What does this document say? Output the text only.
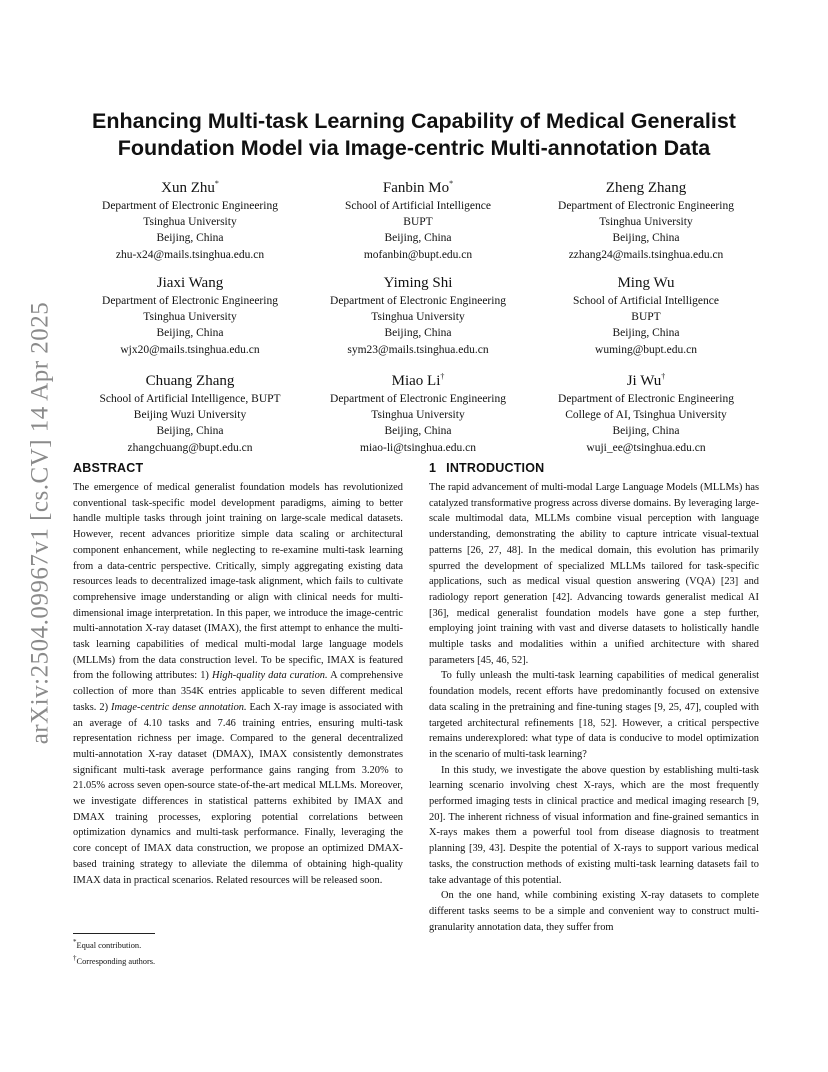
arXiv:2504.09967v1 [cs.CV] 14 Apr 2025
Enhancing Multi-task Learning Capability of Medical Generalist
Foundation Model via Image-centric Multi-annotation Data
Xun Zhu*
Department of Electronic Engineering
Tsinghua University
Beijing, China
zhu-x24@mails.tsinghua.edu.cn
Fanbin Mo*
School of Artificial Intelligence
BUPT
Beijing, China
mofanbin@bupt.edu.cn
Zheng Zhang
Department of Electronic Engineering
Tsinghua University
Beijing, China
zzhang24@mails.tsinghua.edu.cn
Jiaxi Wang
Department of Electronic Engineering
Tsinghua University
Beijing, China
wjx20@mails.tsinghua.edu.cn
Yiming Shi
Department of Electronic Engineering
Tsinghua University
Beijing, China
sym23@mails.tsinghua.edu.cn
Ming Wu
School of Artificial Intelligence
BUPT
Beijing, China
wuming@bupt.edu.cn
Chuang Zhang
School of Artificial Intelligence, BUPT
Beijing Wuzi University
Beijing, China
zhangchuang@bupt.edu.cn
Miao Li†
Department of Electronic Engineering
Tsinghua University
Beijing, China
miao-li@tsinghua.edu.cn
Ji Wu†
Department of Electronic Engineering
College of AI, Tsinghua University
Beijing, China
wuji_ee@tsinghua.edu.cn
ABSTRACT

The emergence of medical generalist foundation models has revolutionized conventional task-specific model development paradigms, aiming to better handle multiple tasks through joint training on large-scale medical datasets. However, recent advances prioritize simple data scaling or architectural component enhancement, while neglecting to re-examine multi-task learning from a data-centric perspective. Critically, simply aggregating existing data resources leads to decentralized image-task alignment, which fails to cultivate comprehensive image understanding or align with clinical needs for multi-dimensional image interpretation. In this paper, we introduce the image-centric multi-annotation X-ray dataset (IMAX), the first attempt to enhance the multi-task learning capabilities of medical multi-modal large language models (MLLMs) from the data construction level. To be specific, IMAX is featured from the following attributes: 1) High-quality data curation. A comprehensive collection of more than 354K entries applicable to seven different medical tasks. 2) Image-centric dense annotation. Each X-ray image is associated with an average of 4.10 tasks and 7.46 training entries, ensuring multi-task representation richness per image. Compared to the general decentralized multi-annotation X-ray dataset (DMAX), IMAX consistently demonstrates significant multi-task average performance gains ranging from 3.20% to 21.05% across seven open-source state-of-the-art medical MLLMs. Moreover, we investigate differences in statistical patterns exhibited by IMAX and DMAX training processes, exploring potential correlations between optimization dynamics and multi-task performance. Finally, leveraging the core concept of IMAX data construction, we propose an optimized DMAX-based training strategy to alleviate the dilemma of obtaining high-quality IMAX data in practical scenarios. Related resources will be released soon.

1 INTRODUCTION

The rapid advancement of multi-modal Large Language Models (MLLMs) has catalyzed transformative progress across diverse domains. By leveraging large-scale multimodal data, MLLMs combine visual perception with language understanding, demonstrating the ability to capture intricate visual-textual patterns [26, 27, 48]. In the medical domain, this evolution has primarily spurred the development of specialized MLLMs tailored for task-specific applications, such as medical visual question answering (VQA) [23] and radiology report generation [42]. Advancing towards generalist medical AI [36], medical generalist foundation models have gone a step further, employing joint training with vast and diverse datasets to holistically handle multiple tasks and modalities within a unified architecture with shared parameters [45, 46, 52].

To fully unleash the multi-task learning capabilities of medical generalist foundation models, recent efforts have predominantly focused on extensive data scaling in the pretraining and fine-tuning stages [9, 25, 47], coupled with targeted architectural refinements [18, 52]. However, a critical perspective remains underexplored: what type of data is conducive to model optimization in the scenario of multi-task learning?

In this study, we investigate the above question by establishing multi-task learning scenario involving chest X-rays, which are the most frequently performed imaging tests in clinical practice and medical imaging research [9, 20]. The inherent richness of visual information and fine-grained semantics in X-rays makes them a powerful tool from disease diagnosis to treatment planning [39, 43]. Despite the potential of X-rays to support various medical tasks, the construction methods of existing multi-task learning datasets fail to take advantage of this potential.

On the one hand, while combining existing X-ray datasets to complete different tasks seems to be a simple and convenient way to construct multi-granularity annotation data, they suffer from

*Equal contribution.
†Corresponding authors.
